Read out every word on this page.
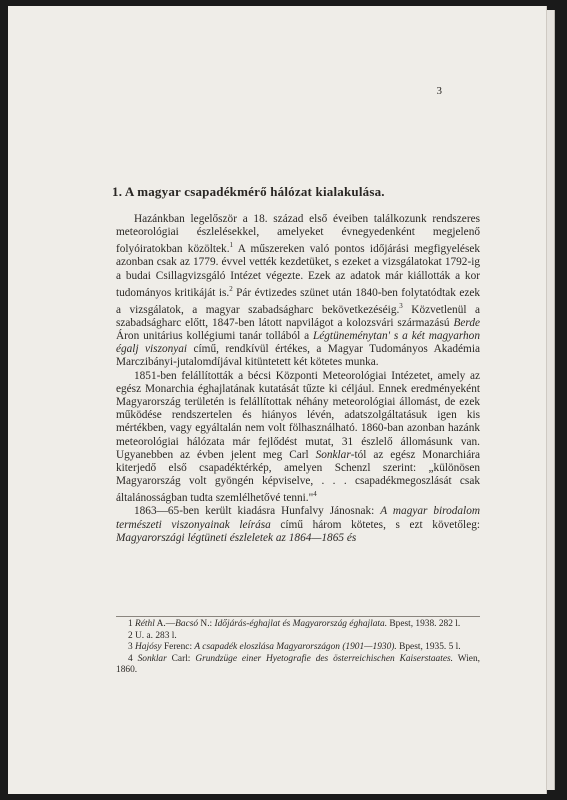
3
1. A magyar csapadékmérő hálózat kialakulása.

Hazánkban legelőször a 18. század első éveiben találkozunk rendszeres meteorológiai észlelésekkel, amelyeket évnegyedenként megjelenő folyóiratokban közöltek.$^1$ A műszereken való pontos időjárási megfigyelések azonban csak az 1779. évvel vették kezdetüket, s ezeket a vizsgálatokat 1792-ig a budai Csillagvizsgáló Intézet végezte. Ezek az adatok már kiállották a kor tudományos kritikáját is.$^2$ Pár évtizedes szünet után 1840-ben folytatódtak ezek a vizsgálatok, a magyar szabadságharc bekövetkezéséig.$^3$ Közvetlenül a szabadságharc előtt, 1847-ben látott napvilágot a kolozsvári származású Berde Áron unitárius kollégiumi tanár tollából a Légtüneménytan' s a két magyarhon égalj viszonyai című, rendkívül értékes, a Magyar Tudományos Akadémia Marczibányi-jutalomdíjával kitüntetett két kötetes munka.

1851-ben felállították a bécsi Központi Meteorológiai Intézetet, amely az egész Monarchia éghajlatának kutatását tűzte ki céljául. Ennek eredményeként Magyarország területén is felállítottak néhány meteorológiai állomást, de ezek működése rendszertelen és hiányos lévén, adatszolgáltatásuk igen kis mértékben, vagy egyáltalán nem volt fölhasználható. 1860-ban azonban hazánk meteorológiai hálózata már fejlődést mutat, 31 észlelő állomásunk van. Ugyanebben az évben jelent meg Carl Sonklar-tól az egész Monarchiára kiterjedő első csapadéktérkép, amelyen Schenzl szerint: „különösen Magyarország volt gyöngén képviselve, . . . csapadékmegoszlását csak általánosságban tudta szemlélhetővé tenni."$^4$

1863—65-ben került kiadásra Hunfalvy Jánosnak: A magyar birodalom természeti viszonyainak leírása című három kötetes, s ezt követőleg: Magyarországi légtüneti észleletek az 1864—1865 és

1 Réthl A.—Bacsó N.: Időjárás-éghajlat és Magyarország éghajlata. Bpest, 1938. 282 l.

2 U. a. 283 l.

3 Hajósy Ferenc: A csapadék eloszlása Magyarországon (1901—1930). Bpest, 1935. 5 l.

4 Sonklar Carl: Grundzüge einer Hyetografie des österreichischen Kaiserstaates. Wien, 1860.
